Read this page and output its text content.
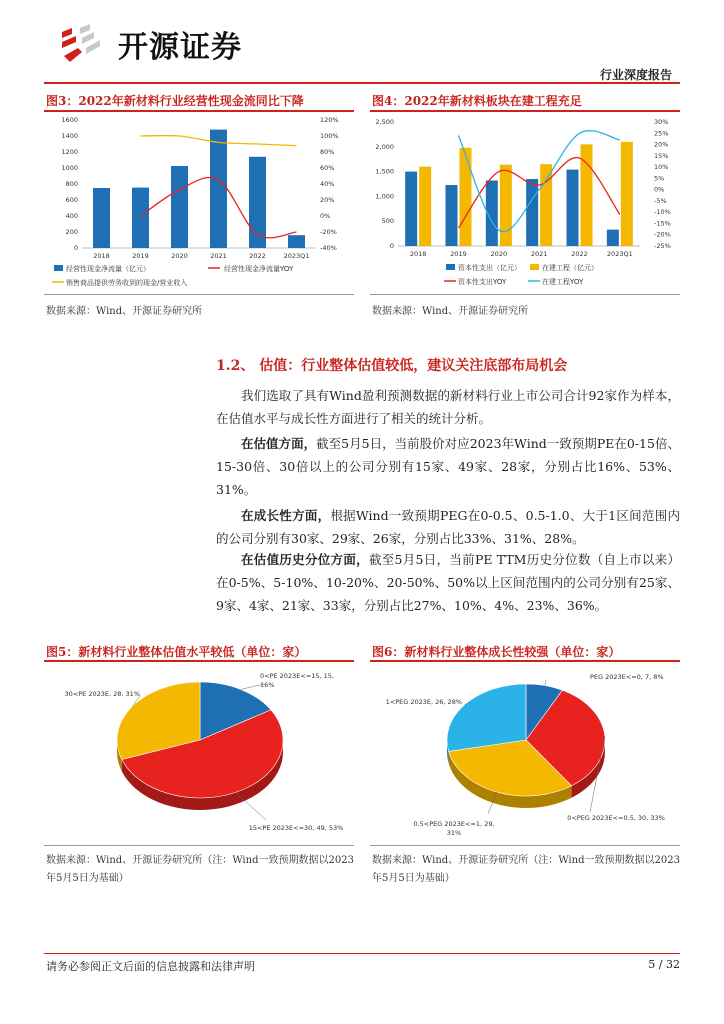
开源证券
行业深度报告
图3：2022年新材料行业经营性现金流同比下降
0
200
400
600
800
1000
1200
1400
1600	120%
100%
80%
60%
40%
20%
0%
-20%
-40%
2018	2019	2020	2021	2022	2023Q1
经营性现金净流量（亿元）	经营性现金净流量YOY
销售商品提供劳务收到的现金/营业收入
数据来源：Wind、开源证券研究所
图4：2022年新材料板块在建工程充足
0
500
1,000
1,500
2,000
2,500	30%
25%
20%
15%
10%
5%
0%
-5%
-10%
-15%
-20%
-25%
2018	2019	2020	2021	2022	2023Q1
资本性支出（亿元）	在建工程（亿元）
资本性支出YOY	在建工程YOY
数据来源：Wind、开源证券研究所
1.2、 估值：行业整体估值较低，建议关注底部布局机会
我们选取了具有Wind盈利预测数据的新材料行业上市公司合计92家作为样本，在估值水平与成长性方面进行了相关的统计分析。
在估值方面，截至5月5日，当前股价对应2023年Wind一致预期PE在0-15倍、15-30倍、30倍以上的公司分别有15家、49家、28家，分别占比16%、53%、31%。
在成长性方面，根据Wind一致预期PEG在0-0.5、0.5-1.0、大于1区间范围内的公司分别有30家、29家、26家，分别占比33%、31%、28%。
在估值历史分位方面，截至5月5日，当前PE TTM历史分位数（自上市以来）在0-5%、5-10%、10-20%、20-50%、50%以上区间范围内的公司分别有25家、9家、4家、21家、33家，分别占比27%、10%、4%、23%、36%。
图5：新材料行业整体估值水平较低（单位：家）
0<PE 2023E<=15, 15, 16%
15<PE 2023E<=30, 49, 53%
30<PE 2023E, 28, 31%
数据来源：Wind、开源证券研究所（注：Wind一致预期数据以2023年5月5日为基础）
图6：新材料行业整体成长性较强（单位：家）
PEG 2023E<=0, 7, 8%
0<PEG 2023E<=0.5, 30, 33%
0.5<PEG 2023E<=1, 29, 31%
1<PEG 2023E, 26, 28%
数据来源：Wind、开源证券研究所（注：Wind一致预期数据以2023年5月5日为基础）
请务必参阅正文后面的信息披露和法律声明	5 / 32
